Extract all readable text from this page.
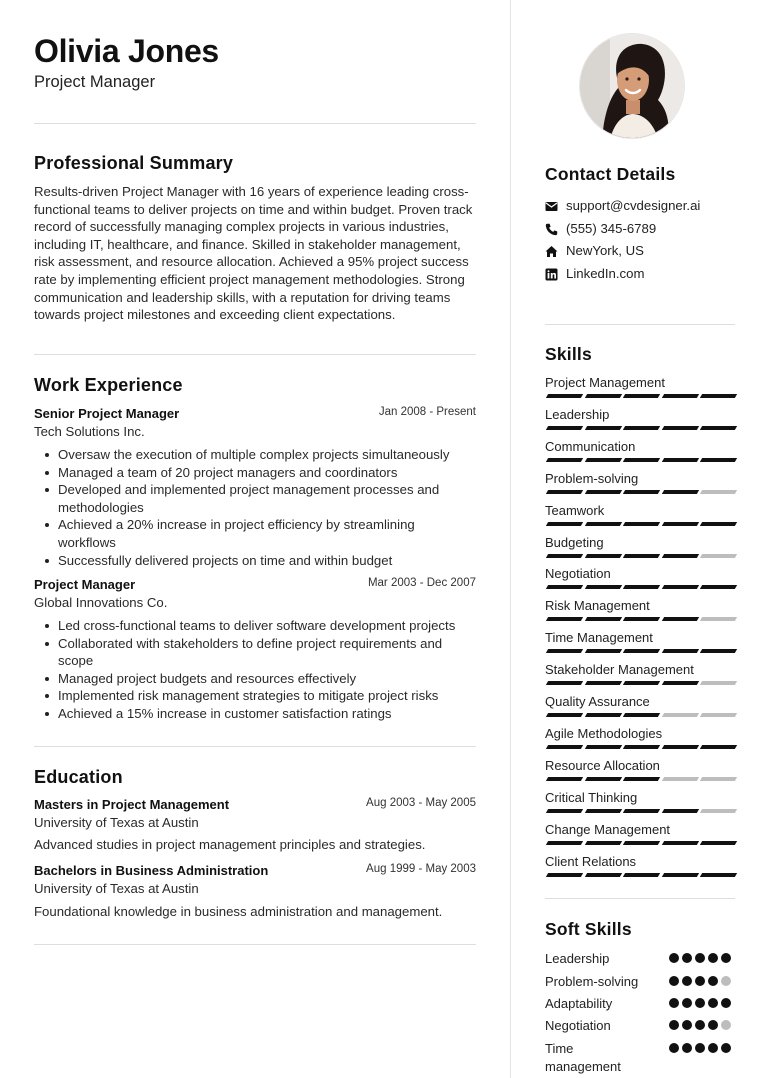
Olivia Jones
Project Manager
Professional Summary
Results-driven Project Manager with 16 years of experience leading cross-functional teams to deliver projects on time and within budget. Proven track record of successfully managing complex projects in various industries, including IT, healthcare, and finance. Skilled in stakeholder management, risk assessment, and resource allocation. Achieved a 95% project success rate by implementing efficient project management methodologies. Strong communication and leadership skills, with a reputation for driving teams towards project milestones and exceeding client expectations.
Work Experience
Senior Project Manager	Jan 2008 - Present
Tech Solutions Inc.
Oversaw the execution of multiple complex projects simultaneously
Managed a team of 20 project managers and coordinators
Developed and implemented project management processes and methodologies
Achieved a 20% increase in project efficiency by streamlining workflows
Successfully delivered projects on time and within budget
Project Manager	Mar 2003 - Dec 2007
Global Innovations Co.
Led cross-functional teams to deliver software development projects
Collaborated with stakeholders to define project requirements and scope
Managed project budgets and resources effectively
Implemented risk management strategies to mitigate project risks
Achieved a 15% increase in customer satisfaction ratings
Education
Masters in Project Management	Aug 2003 - May 2005
University of Texas at Austin
Advanced studies in project management principles and strategies.
Bachelors in Business Administration	Aug 1999 - May 2003
University of Texas at Austin
Foundational knowledge in business administration and management.
Contact Details
support@cvdesigner.ai
(555) 345-6789
NewYork, US
LinkedIn.com
Skills
Project Management
Leadership
Communication
Problem-solving
Teamwork
Budgeting
Negotiation
Risk Management
Time Management
Stakeholder Management
Quality Assurance
Agile Methodologies
Resource Allocation
Critical Thinking
Change Management
Client Relations
Soft Skills
Leadership
Problem-solving
Adaptability
Negotiation
Time management
